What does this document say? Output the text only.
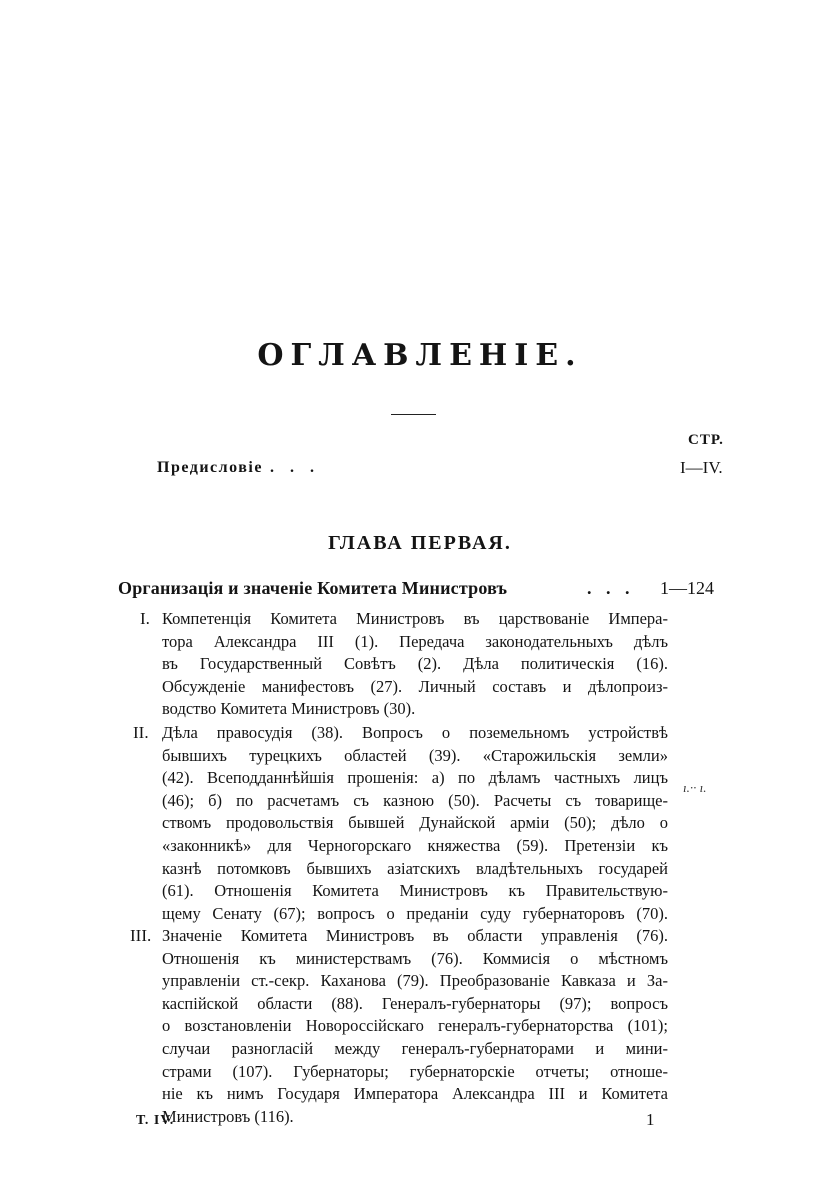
ОГЛАВЛЕНІЕ.
СТР.
Предисловіе . . .	I—IV.
ГЛАВА ПЕРВАЯ.
Организація и значеніе Комитета Министровъ	. . . 1—124
I. Компетенція Комитета Министровъ въ царствованіе Импера-
тора Александра III (1). Передача законодательныхъ дѣлъ
въ Государственный Совѣтъ (2). Дѣла политическія (16).
Обсужденіе манифестовъ (27). Личный составъ и дѣлопроиз-
водство Комитета Министровъ (30).
II. Дѣла правосудія (38). Вопросъ о поземельномъ устройствѣ
бывшихъ турецкихъ областей (39). «Старожильскія земли»
(42). Всеподданнѣйшія прошенія: а) по дѣламъ частныхъ лицъ
(46); б) по расчетамъ съ казною (50). Расчеты съ товарище-
ствомъ продовольствія бывшей Дунайской арміи (50); дѣло о
«законникѣ» для Черногорскаго княжества (59). Претензіи къ
казнѣ потомковъ бывшихъ азіатскихъ владѣтельныхъ государей
(61). Отношенія Комитета Министровъ къ Правительствую-
щему Сенату (67); вопросъ о преданіи суду губернаторовъ (70).
ı.·· ı.
III. Значеніе Комитета Министровъ въ области управленія (76).
Отношенія къ министерствамъ (76). Коммисія о мѣстномъ
управленіи ст.-секр. Каханова (79). Преобразованіе Кавказа и За-
каспійской области (88). Генералъ-губернаторы (97); вопросъ
о возстановленіи Новороссійскаго генералъ-губернаторства (101);
случаи разногласій между генералъ-губернаторами и мини-
страми (107). Губернаторы; губернаторскіе отчеты; отноше-
ніе къ нимъ Государя Императора Александра III и Комитета
Министровъ (116).
Т. IV.	1
